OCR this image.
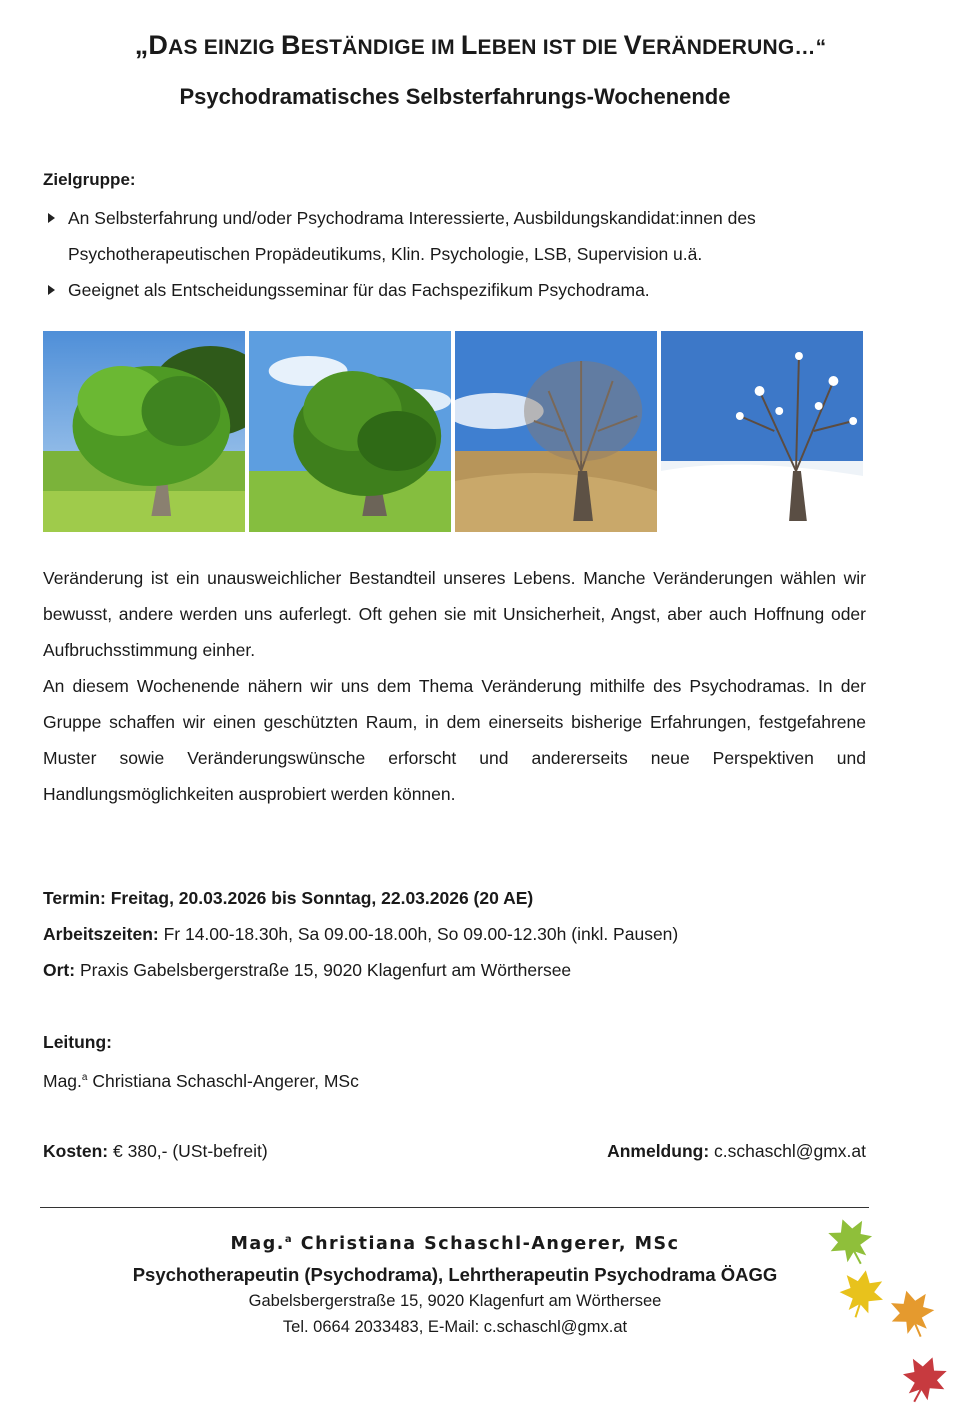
„DAS EINZIG BESTÄNDIGE IM LEBEN IST DIE VERÄNDERUNG…“
Psychodramatisches Selbsterfahrungs-Wochenende
Zielgruppe:
An Selbsterfahrung und/oder Psychodrama Interessierte, Ausbildungskandidat:innen des Psychotherapeutischen Propädeutikums, Klin. Psychologie, LSB, Supervision u.ä.
Geeignet als Entscheidungsseminar für das Fachspezifikum Psychodrama.

Veränderung ist ein unausweichlicher Bestandteil unseres Lebens. Manche Veränderungen wählen wir bewusst, andere werden uns auferlegt. Oft gehen sie mit Unsicherheit, Angst, aber auch Hoffnung oder Aufbruchsstimmung einher.

An diesem Wochenende nähern wir uns dem Thema Veränderung mithilfe des Psychodramas. In der Gruppe schaffen wir einen geschützten Raum, in dem einerseits bisherige Erfahrungen, festgefahrene Muster sowie Veränderungswünsche erforscht und andererseits neue Perspektiven und Handlungsmöglichkeiten ausprobiert werden können.

Termin: Freitag, 20.03.2026 bis Sonntag, 22.03.2026 (20 AE)
Arbeitszeiten: Fr 14.00-18.30h, Sa 09.00-18.00h, So 09.00-12.30h (inkl. Pausen)
Ort: Praxis Gabelsbergerstraße 15, 9020 Klagenfurt am Wörthersee
Leitung:
Mag.$^a$ Christiana Schaschl-Angerer, MSc
Kosten: € 380,- (USt-befreit)	Anmeldung: c.schaschl@gmx.at
Mag.$^a$ Christiana Schaschl-Angerer, MSc
Psychotherapeutin (Psychodrama), Lehrtherapeutin Psychodrama ÖAGG
Gabelsbergerstraße 15, 9020 Klagenfurt am Wörthersee
Tel. 0664 2033483, E-Mail: c.schaschl@gmx.at
